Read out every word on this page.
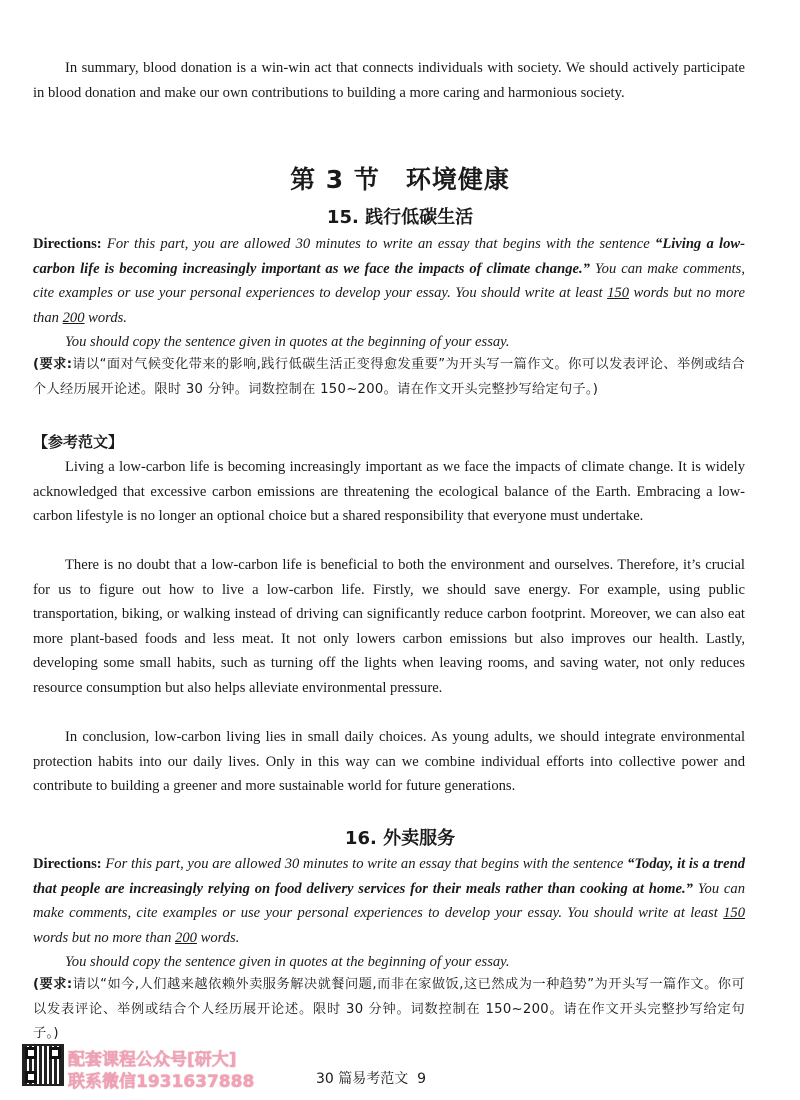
In summary, blood donation is a win-win act that connects individuals with society. We should actively participate in blood donation and make our own contributions to building a more caring and harmonious society.
第 3 节　环境健康
15. 践行低碳生活
Directions: For this part, you are allowed 30 minutes to write an essay that begins with the sentence “Living a low-carbon life is becoming increasingly important as we face the impacts of climate change.” You can make comments, cite examples or use your personal experiences to develop your essay. You should write at least 150 words but no more than 200 words.
You should copy the sentence given in quotes at the beginning of your essay.
(要求:请以“面对气候变化带来的影响,践行低碳生活正变得愈发重要”为开头写一篇作文。你可以发表评论、举例或结合个人经历展开论述。限时 30 分钟。词数控制在 150~200。请在作文开头完整抄写给定句子。)
【参考范文】
Living a low-carbon life is becoming increasingly important as we face the impacts of climate change. It is widely acknowledged that excessive carbon emissions are threatening the ecological balance of the Earth. Embracing a low-carbon lifestyle is no longer an optional choice but a shared responsibility that everyone must undertake.
There is no doubt that a low-carbon life is beneficial to both the environment and ourselves. Therefore, it’s crucial for us to figure out how to live a low-carbon life. Firstly, we should save energy. For example, using public transportation, biking, or walking instead of driving can significantly reduce carbon footprint. Moreover, we can also eat more plant-based foods and less meat. It not only lowers carbon emissions but also improves our health. Lastly, developing some small habits, such as turning off the lights when leaving rooms, and saving water, not only reduces resource consumption but also helps alleviate environmental pressure.
In conclusion, low-carbon living lies in small daily choices. As young adults, we should integrate environmental protection habits into our daily lives. Only in this way can we combine individual efforts into collective power and contribute to building a greener and more sustainable world for future generations.
16. 外卖服务
Directions: For this part, you are allowed 30 minutes to write an essay that begins with the sentence “Today, it is a trend that people are increasingly relying on food delivery services for their meals rather than cooking at home.” You can make comments, cite examples or use your personal experiences to develop your essay. You should write at least 150 words but no more than 200 words.
You should copy the sentence given in quotes at the beginning of your essay.
(要求:请以“如今,人们越来越依赖外卖服务解决就餐问题,而非在家做饭,这已然成为一种趋势”为开头写一篇作文。你可以发表评论、举例或结合个人经历展开论述。限时 30 分钟。词数控制在 150~200。请在作文开头完整抄写给定句子。)
配套课程公众号[研大]
联系微信1931637888	30 篇易考范文 9
